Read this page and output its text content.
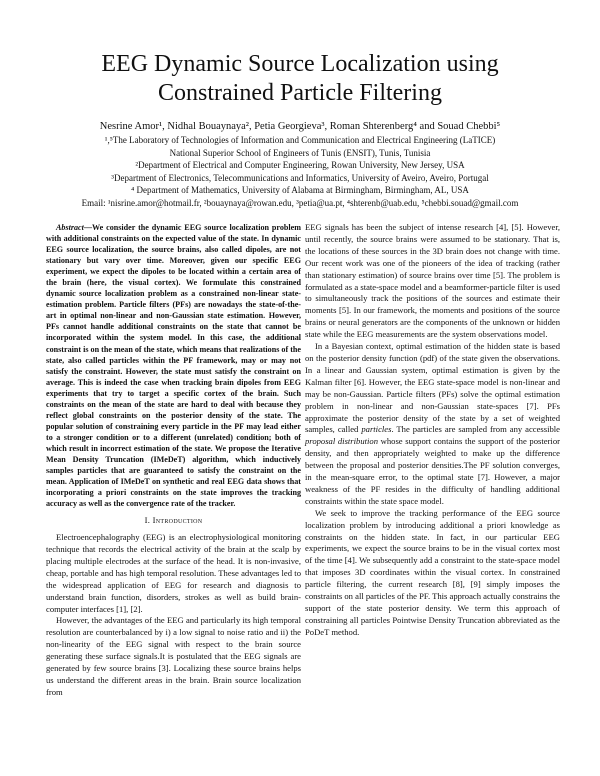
EEG Dynamic Source Localization using Constrained Particle Filtering

Nesrine Amor¹, Nidhal Bouaynaya², Petia Georgieva³, Roman Shterenberg⁴ and Souad Chebbi⁵

¹,⁵The Laboratory of Technologies of Information and Communication and Electrical Engineering (LaTICE)
National Superior School of Engineers of Tunis (ENSIT), Tunis, Tunisia
²Department of Electrical and Computer Engineering, Rowan University, New Jersey, USA
³Department of Electronics, Telecommunications and Informatics, University of Aveiro, Aveiro, Portugal
⁴ Department of Mathematics, University of Alabama at Birmingham, Birmingham, AL, USA
Email: ¹nisrine.amor@hotmail.fr, ²bouaynaya@rowan.edu, ³petia@ua.pt, ⁴shterenb@uab.edu, ⁵chebbi.souad@gmail.com

Abstract—We consider the dynamic EEG source localization problem with additional constraints on the expected value of the state. In dynamic EEG source localization, the source brains, also called dipoles, are not stationary but vary over time. Moreover, given our specific EEG experiment, we expect the dipoles to be located within a certain area of the brain (here, the visual cortex). We formulate this constrained dynamic source localization problem as a constrained non-linear state-estimation problem. Particle filters (PFs) are nowadays the state-of-the-art in optimal non-linear and non-Gaussian state estimation. However, PFs cannot handle additional constraints on the state that cannot be incorporated within the system model. In this case, the additional constraint is on the mean of the state, which means that realizations of the state, also called particles within the PF framework, may or may not satisfy the constraint. However, the state must satisfy the constraint on average. This is indeed the case when tracking brain dipoles from EEG experiments that try to target a specific cortex of the brain. Such constraints on the mean of the state are hard to deal with because they reflect global constraints on the posterior density of the state. The popular solution of constraining every particle in the PF may lead either to a stronger condition or to a different (unrelated) condition; both of which result in incorrect estimation of the state. We propose the Iterative Mean Density Truncation (IMeDeT) algorithm, which inductively samples particles that are guaranteed to satisfy the constraint on the mean. Application of IMeDeT on synthetic and real EEG data shows that incorporating a priori constraints on the state improves the tracking accuracy as well as the convergence rate of the tracker.

I. Introduction

Electroencephalography (EEG) is an electrophysiological monitoring technique that records the electrical activity of the brain at the scalp by placing multiple electrodes at the surface of the head. It is non-invasive, cheap, portable and has high temporal resolution. These advantages led to the widespread application of EEG for research and diagnosis to understand brain function, disorders, strokes as well as build brain-computer interfaces [1], [2].

However, the advantages of the EEG and particularly its high temporal resolution are counterbalanced by i) a low signal to noise ratio and ii) the non-linearity of the EEG signal with respect to the brain source generating these surface signals.It is postulated that the EEG signals are generated by few source brains [3]. Localizing these source brains helps us understand the different areas in the brain. Brain source localization from

EEG signals has been the subject of intense research [4], [5]. However, until recently, the source brains were assumed to be stationary. That is, the locations of these sources in the 3D brain does not change with time. Our recent work was one of the pioneers of the idea of tracking (rather than stationary estimation) of source brains over time [5]. The problem is formulated as a state-space model and a beamformer-particle filter is used to simultaneously track the positions of the sources and estimate their moments [5]. In our framework, the moments and positions of the source brains or neural generators are the components of the unknown or hidden state while the EEG measurements are the system observations model.

In a Bayesian context, optimal estimation of the hidden state is based on the posterior density function (pdf) of the state given the observations. In a linear and Gaussian system, optimal estimation is given by the Kalman filter [6]. However, the EEG state-space model is non-linear and may be non-Gaussian. Particle filters (PFs) solve the optimal estimation problem in non-linear and non-Gaussian state-spaces [7]. PFs approximate the posterior density of the state by a set of weighted samples, called particles. The particles are sampled from any accessible proposal distribution whose support contains the support of the posterior density, and then appropriately weighted to make up the difference between the proposal and posterior densities.The PF solution converges, in the mean-square error, to the optimal state [7]. However, a major weakness of the PF resides in the difficulty of handling additional constraints within the state space model.

We seek to improve the tracking performance of the EEG source localization problem by introducing additional a priori knowledge as constraints on the hidden state. In fact, in our particular EEG experiments, we expect the source brains to be in the visual cortex most of the time [4]. We subsequently add a constraint to the state-space model that imposes 3D coordinates within the visual cortex. In constrained particle filtering, the current research [8], [9] simply imposes the constraints on all particles of the PF. This approach actually constrains the support of the state posterior density. We term this approach of constraining all particles Pointwise Density Truncation abbreviated as the PoDeT method.
